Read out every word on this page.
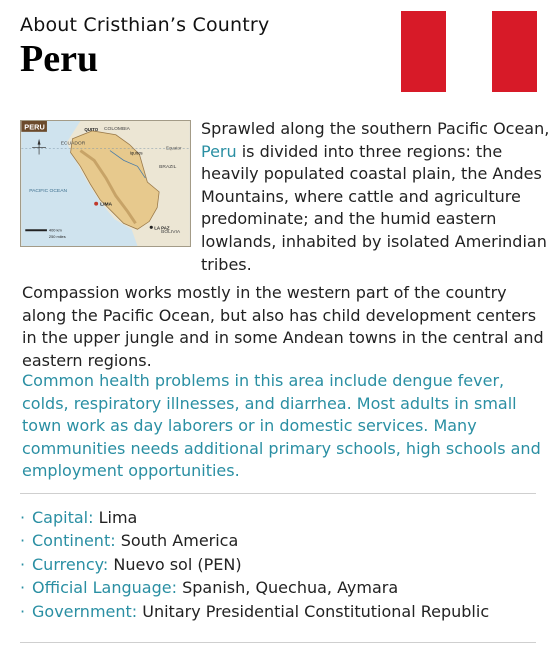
About Cristhian’s Country
Peru
PERU	COLOMBIA
ECUADOR
BRAZIL
BOLIVIA
PACIFIC OCEAN
Equator
QUITO
Iquitos
LIMA
LA PAZ
400 km
250 miles
Sprawled along the southern Pacific Ocean, Peru is divided into three regions: the heavily populated coastal plain, the Andes Mountains, where cattle and agriculture predominate; and the humid eastern lowlands, inhabited by isolated Amerindian tribes.
Compassion works mostly in the western part of the country along the Pacific Ocean, but also has child development centers in the upper jungle and in some Andean towns in the central and eastern regions.
Common health problems in this area include dengue fever, colds, respiratory illnesses, and diarrhea. Most adults in small town work as day laborers or in domestic services. Many communities needs additional primary schools, high schools and employment opportunities.
· Capital: Lima
· Continent: South America
· Currency: Nuevo sol (PEN)
· Official Language: Spanish, Quechua, Aymara
· Government: Unitary Presidential Constitutional Republic
